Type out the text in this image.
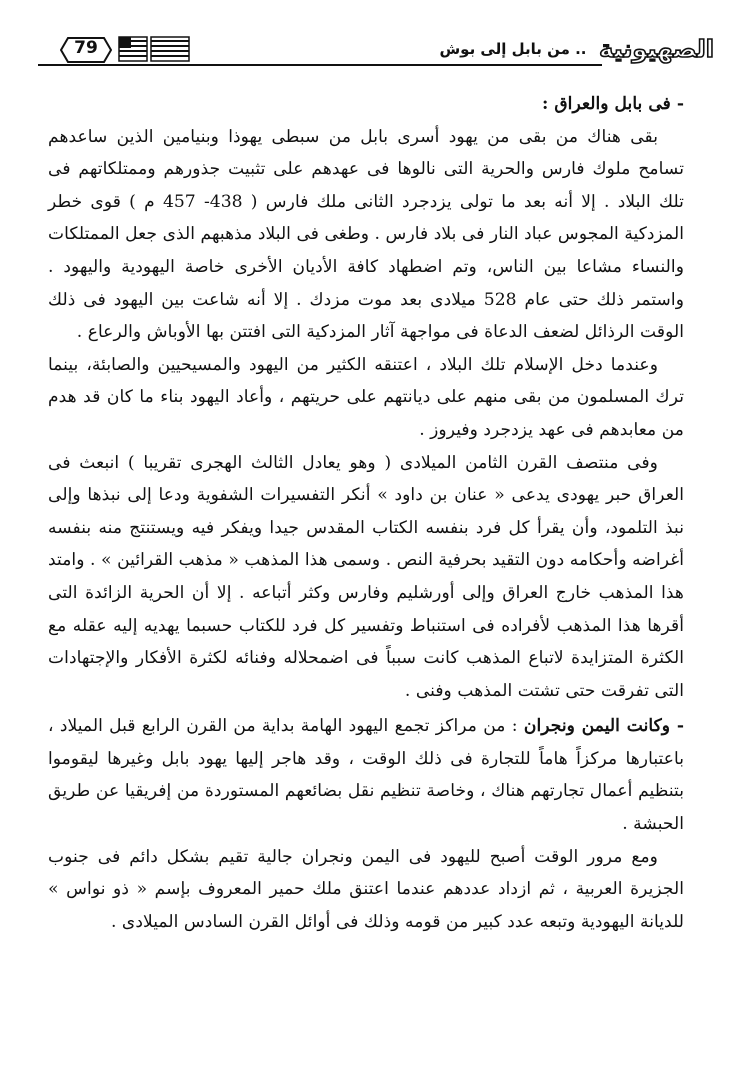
79	.. من بابل إلى بوش الصهيونية

- فى بابل والعراق :

بقى هناك من بقى من يهود أسرى بابل من سبطى يهوذا وبنيامين الذين ساعدهم تسامح ملوك فارس والحرية التى نالوها فى عهدهم على تثبيت جذورهم وممتلكاتهم فى تلك البلاد . إلا أنه بعد ما تولى يزدجرد الثانى ملك فارس ( 438- 457 م ) قوى خطر المزدكية المجوس عباد النار فى بلاد فارس . وطغى فى البلاد مذهبهم الذى جعل الممتلكات والنساء مشاعا بين الناس، وتم اضطهاد كافة الأديان الأخرى خاصة اليهودية واليهود . واستمر ذلك حتى عام 528 ميلادى بعد موت مزدك . إلا أنه شاعت بين اليهود فى ذلك الوقت الرذائل لضعف الدعاة فى مواجهة آثار المزدكية التى افتتن بها الأوباش والرعاع .

وعندما دخل الإسلام تلك البلاد ، اعتنقه الكثير من اليهود والمسيحيين والصابئة، بينما ترك المسلمون من بقى منهم على ديانتهم على حريتهم ، وأعاد اليهود بناء ما كان قد هدم من معابدهم فى عهد يزدجرد وفيروز .

وفى منتصف القرن الثامن الميلادى ( وهو يعادل الثالث الهجرى تقريبا ) انبعث فى العراق حبر يهودى يدعى « عنان بن داود » أنكر التفسيرات الشفوية ودعا إلى نبذها وإلى نبذ التلمود، وأن يقرأ كل فرد بنفسه الكتاب المقدس جيدا ويفكر فيه ويستنتج منه بنفسه أغراضه وأحكامه دون التقيد بحرفية النص . وسمى هذا المذهب « مذهب القرائين » . وامتد هذا المذهب خارج العراق وإلى أورشليم وفارس وكثر أتباعه . إلا أن الحرية الزائدة التى أقرها هذا المذهب لأفراده فى استنباط وتفسير كل فرد للكتاب حسبما يهديه إليه عقله مع الكثرة المتزايدة لاتباع المذهب كانت سبباً فى اضمحلاله وفنائه لكثرة الأفكار والإجتهادات التى تفرقت حتى تشتت المذهب وفنى .

- وكانت اليمن ونجران : من مراكز تجمع اليهود الهامة بداية من القرن الرابع قبل الميلاد ، باعتبارها مركزاً هاماً للتجارة فى ذلك الوقت ، وقد هاجر إليها يهود بابل وغيرها ليقوموا بتنظيم أعمال تجارتهم هناك ، وخاصة تنظيم نقل بضائعهم المستوردة من إفريقيا عن طريق الحبشة .

ومع مرور الوقت أصبح لليهود فى اليمن ونجران جالية تقيم بشكل دائم فى جنوب الجزيرة العربية ، ثم ازداد عددهم عندما اعتنق ملك حمير المعروف بإسم « ذو نواس » للديانة اليهودية وتبعه عدد كبير من قومه وذلك فى أوائل القرن السادس الميلادى .
